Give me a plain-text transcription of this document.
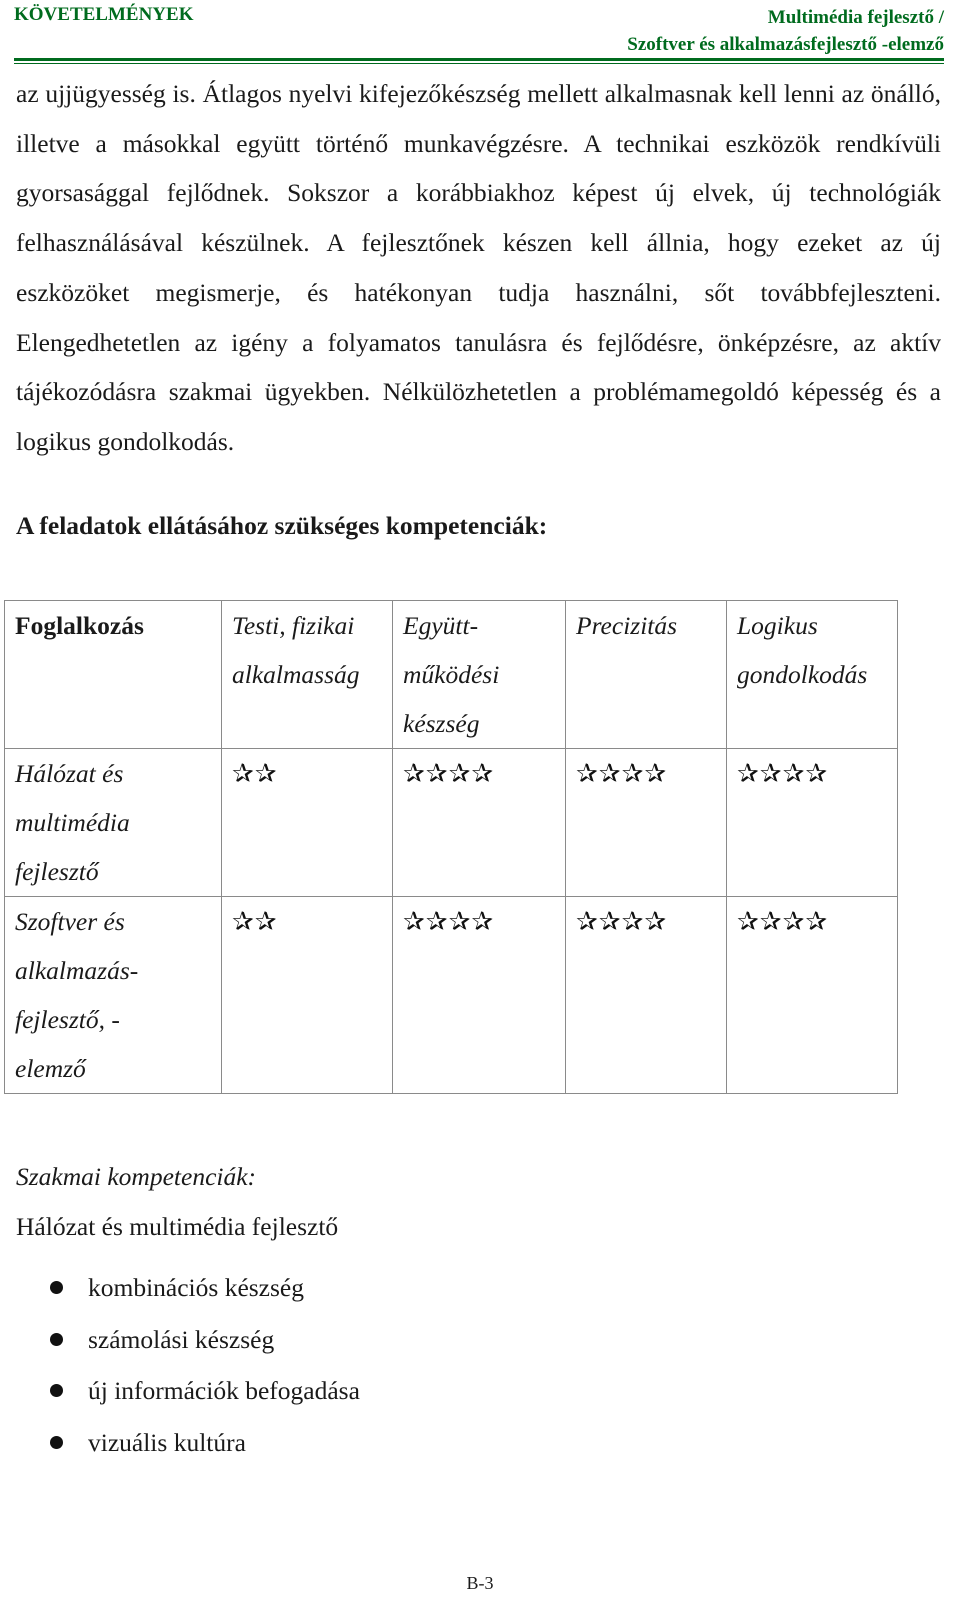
KÖVETELMÉNYEK	Multimédia fejlesztő /
Szoftver és alkalmazásfejlesztő -elemző

az ujjügyesség is. Átlagos nyelvi kifejezőkészség mellett alkalmasnak kell lenni az önálló, illetve a másokkal együtt történő munkavégzésre. A technikai eszközök rendkívüli gyorsasággal fejlődnek. Sokszor a korábbiakhoz képest új elvek, új technológiák felhasználásával készülnek. A fejlesztőnek készen kell állnia, hogy ezeket az új eszközöket megismerje, és hatékonyan tudja használni, sőt továbbfejleszteni. Elengedhetetlen az igény a folyamatos tanulásra és fejlődésre, önképzésre, az aktív tájékozódásra szakmai ügyekben. Nélkülözhetetlen a problémamegoldó képesség és a logikus gondolkodás.

A feladatok ellátásához szükséges kompetenciák:

Foglalkozás	Testi, fizikai alkalmasság	Együtt-működési készség	Precizitás	Logikus gondolkodás
Hálózat és multimédia fejlesztő	✰✰	✰✰✰✰	✰✰✰✰	✰✰✰✰

Szoftver és alkalmazás-fejlesztő, -elemző	✰✰	✰✰✰✰	✰✰✰✰	✰✰✰✰

Szakmai kompetenciák:

Hálózat és multimédia fejlesztő

kombinációs készség
számolási készség
új információk befogadása
vizuális kultúra
B-3
